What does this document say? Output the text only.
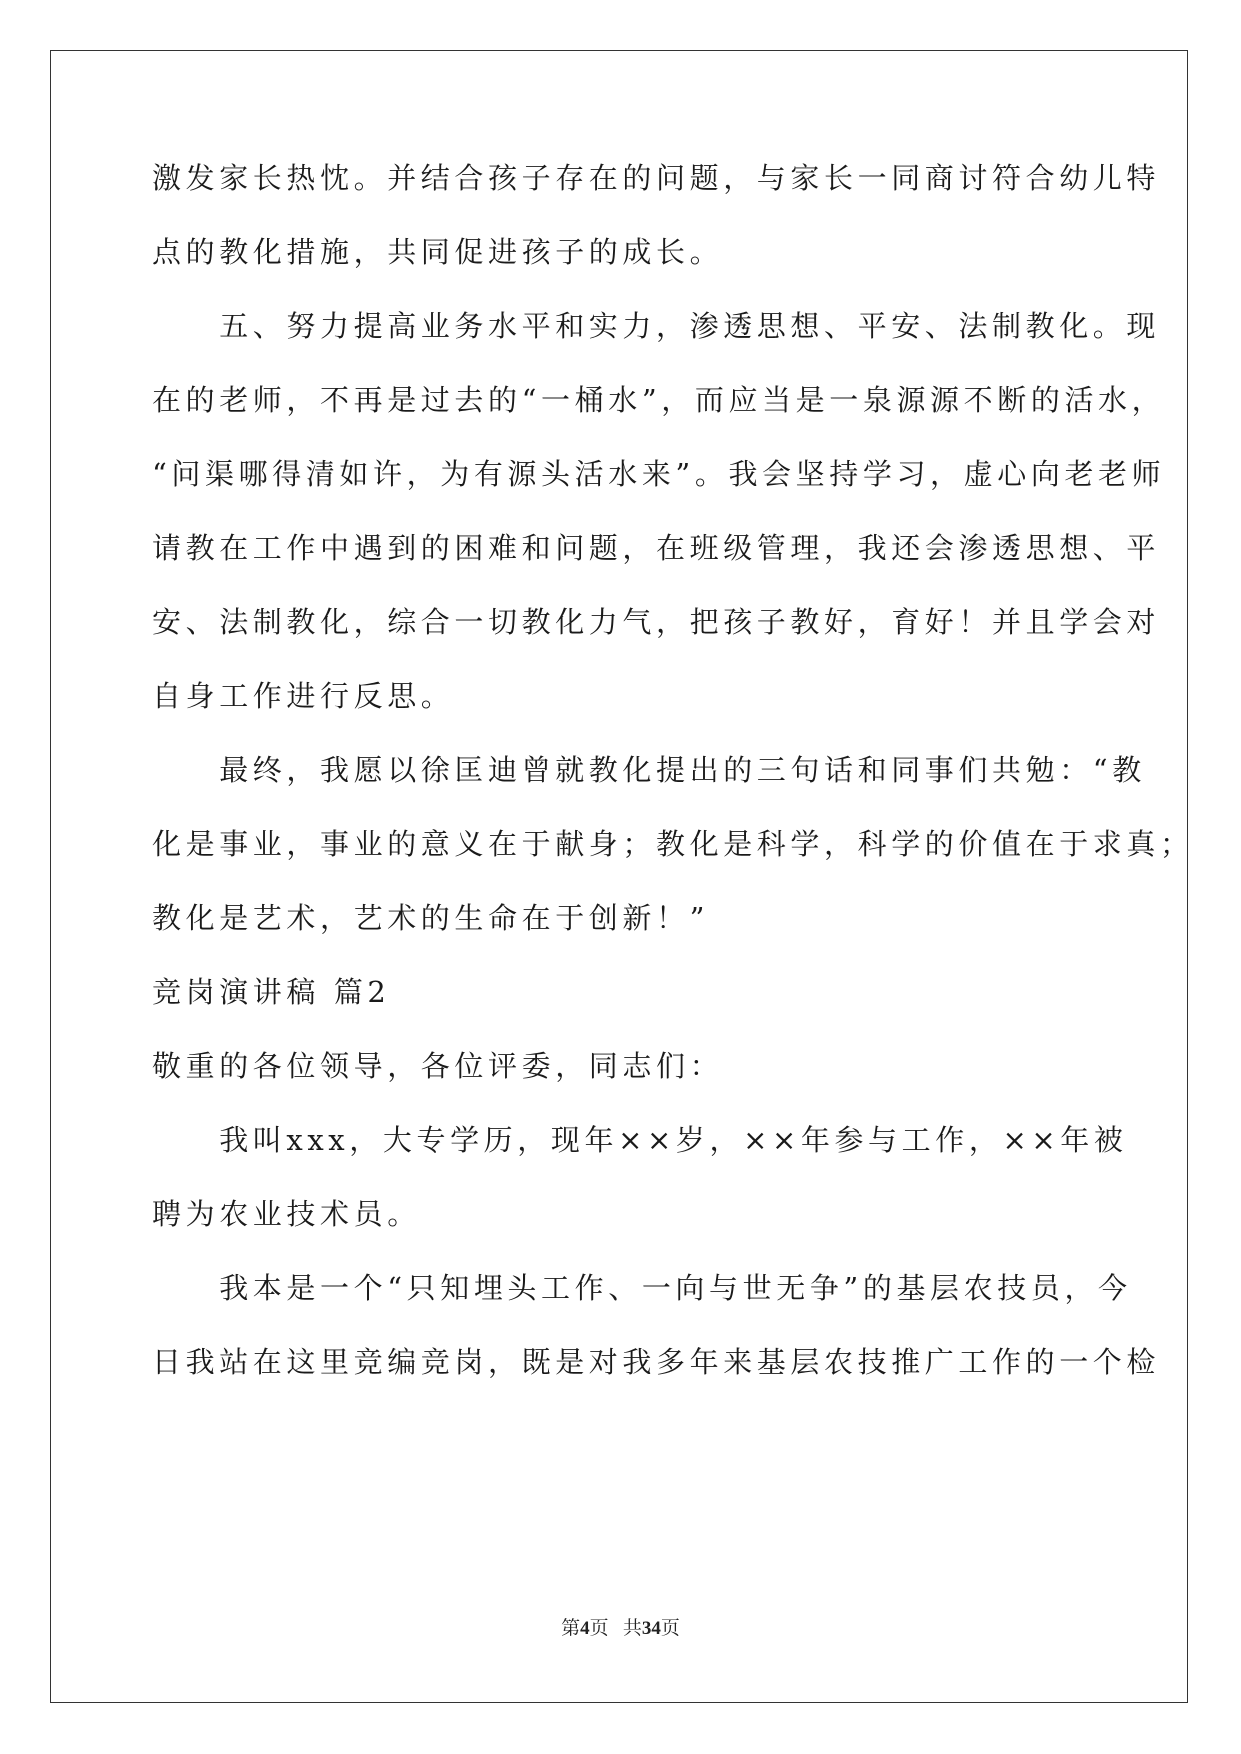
激发家长热忱。并结合孩子存在的问题，与家长一同商讨符合幼儿特
点的教化措施，共同促进孩子的成长。
　　五、努力提高业务水平和实力，渗透思想、平安、法制教化。现
在的老师，不再是过去的“一桶水”，而应当是一泉源源不断的活水，
“问渠哪得清如许，为有源头活水来”。我会坚持学习，虚心向老老师
请教在工作中遇到的困难和问题，在班级管理，我还会渗透思想、平
安、法制教化，综合一切教化力气，把孩子教好，育好！并且学会对
自身工作进行反思。
　　最终，我愿以徐匡迪曾就教化提出的三句话和同事们共勉：“教
化是事业，事业的意义在于献身；教化是科学，科学的价值在于求真；
教化是艺术，艺术的生命在于创新！”
竞岗演讲稿 篇2
敬重的各位领导，各位评委，同志们：
　　我叫xxx，大专学历，现年××岁，××年参与工作，××年被
聘为农业技术员。
　　我本是一个“只知埋头工作、一向与世无争”的基层农技员，今
日我站在这里竞编竞岗，既是对我多年来基层农技推广工作的一个检
第4页 共34页
